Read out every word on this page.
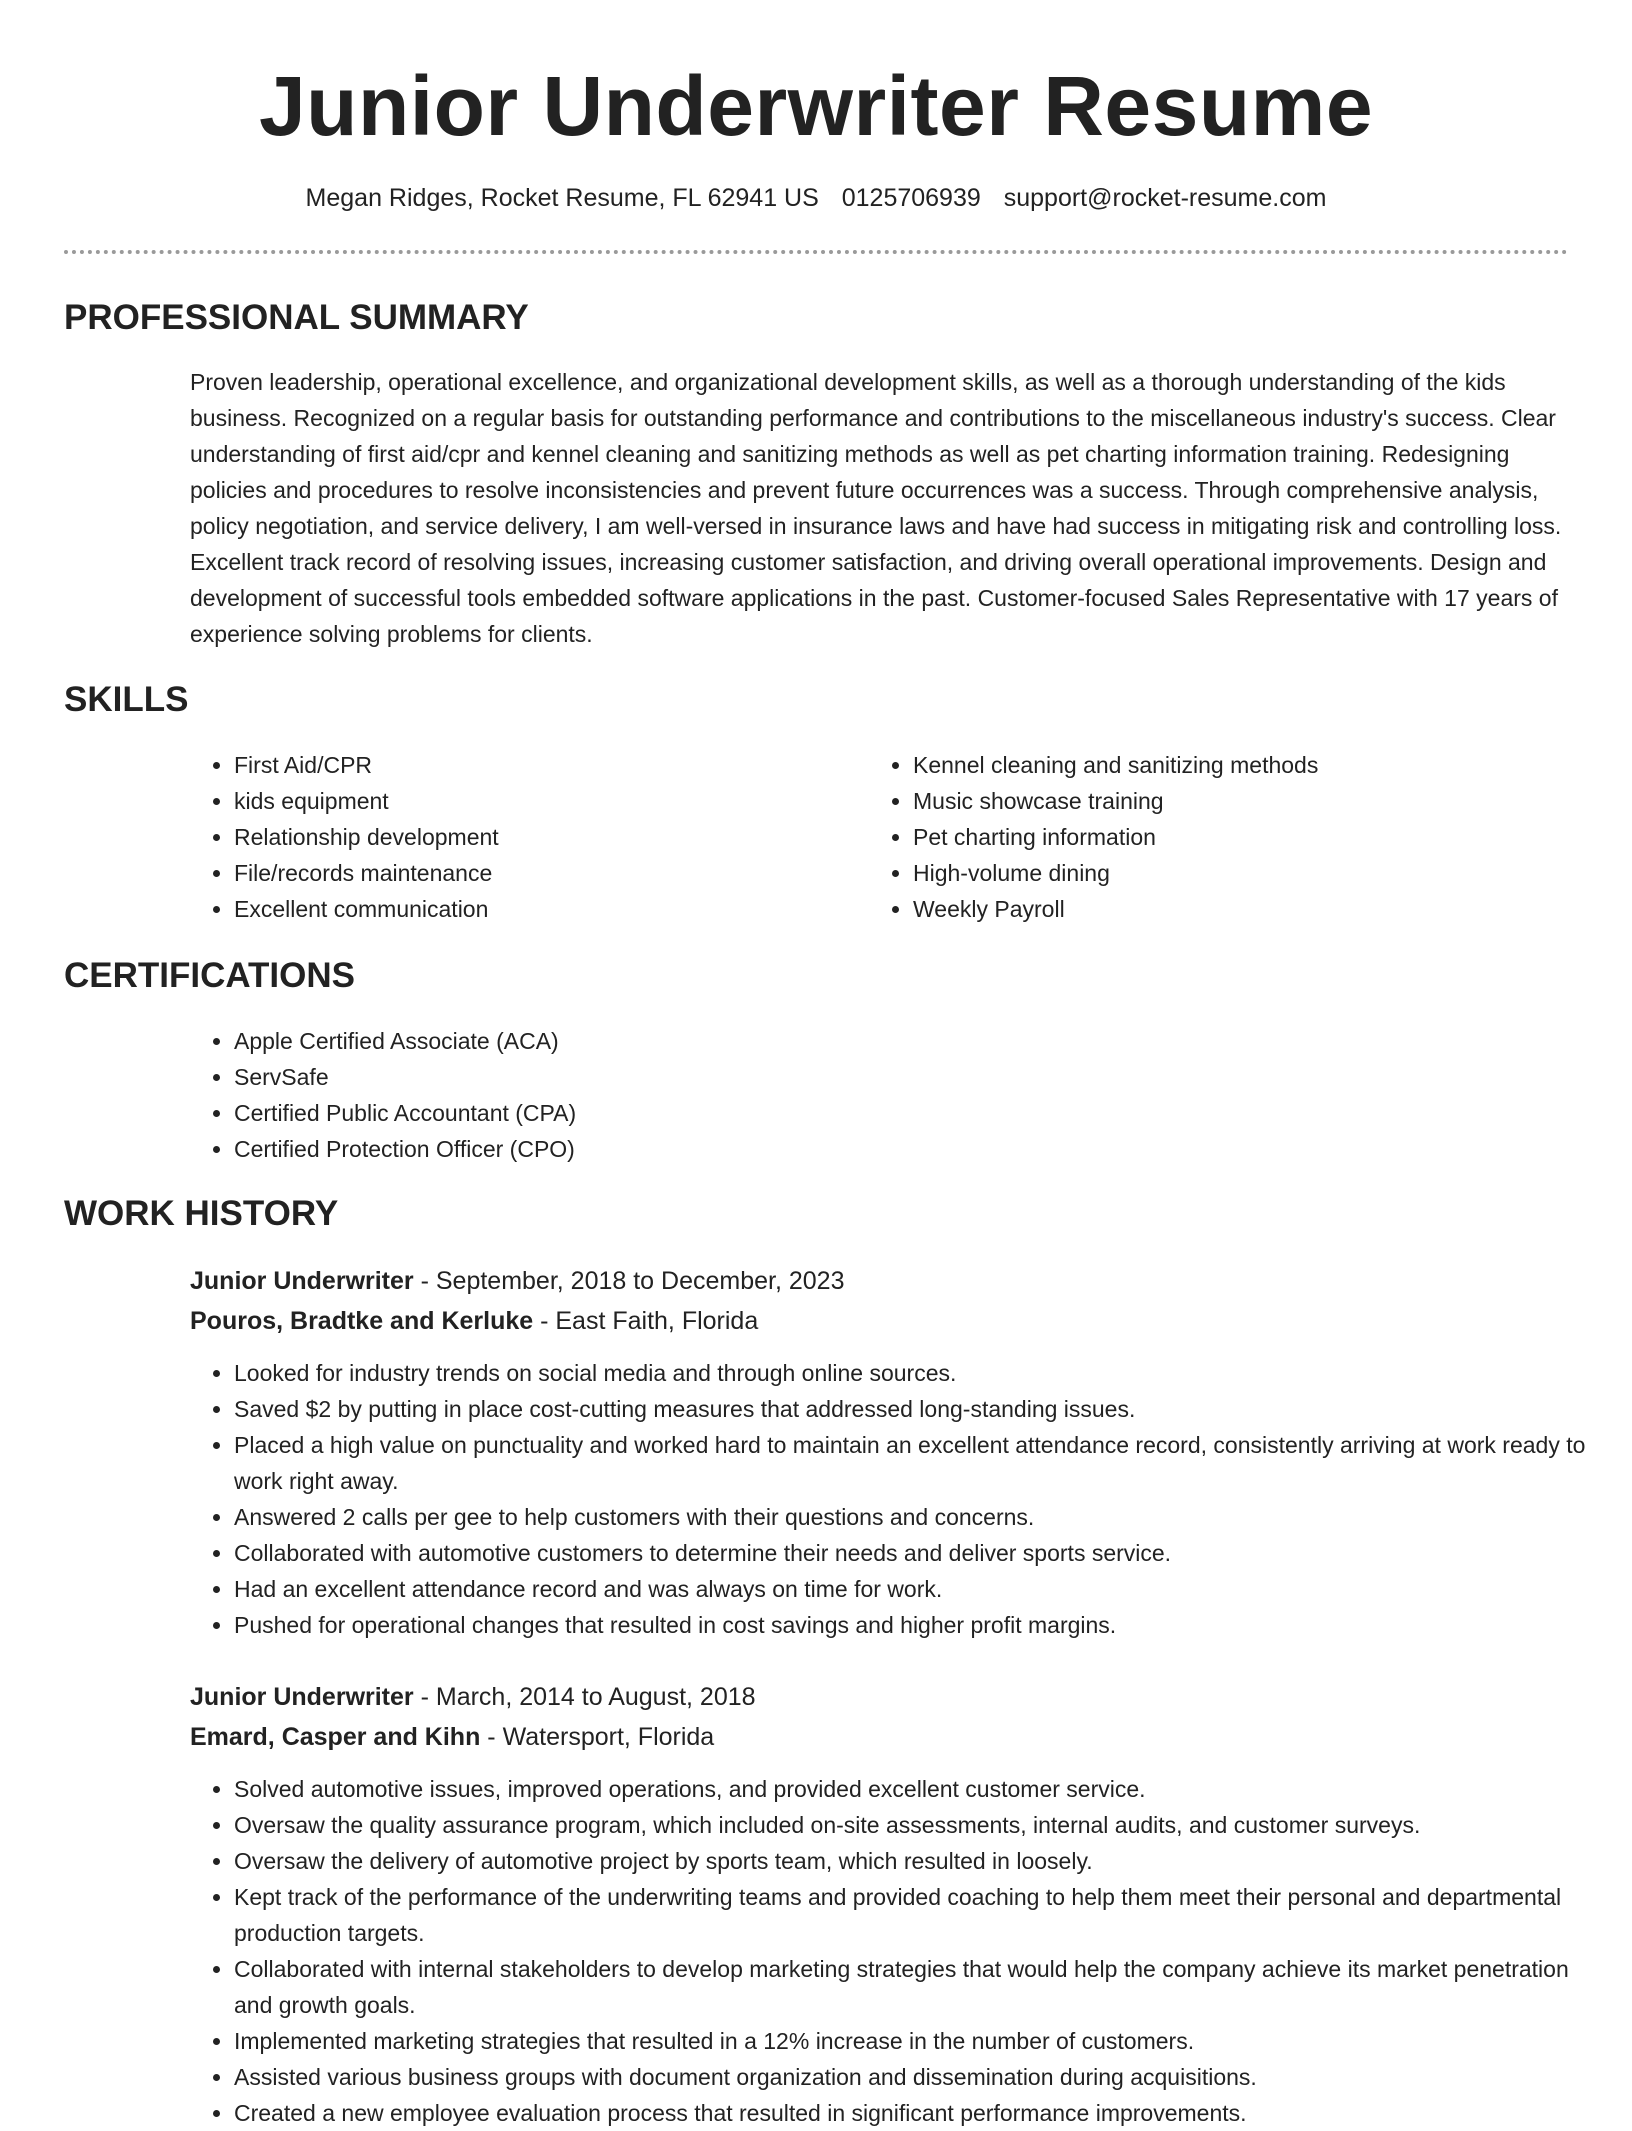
Junior Underwriter Resume
Megan Ridges, Rocket Resume, FL 62941 US 0125706939 support@rocket-resume.com
PROFESSIONAL SUMMARY

Proven leadership, operational excellence, and organizational development skills, as well as a thorough understanding of the kids business. Recognized on a regular basis for outstanding performance and contributions to the miscellaneous industry's success. Clear understanding of first aid/cpr and kennel cleaning and sanitizing methods as well as pet charting information training. Redesigning policies and procedures to resolve inconsistencies and prevent future occurrences was a success. Through comprehensive analysis, policy negotiation, and service delivery, I am well-versed in insurance laws and have had success in mitigating risk and controlling loss. Excellent track record of resolving issues, increasing customer satisfaction, and driving overall operational improvements. Design and development of successful tools embedded software applications in the past. Customer-focused Sales Representative with 17 years of experience solving problems for clients.

SKILLS
• First Aid/CPR
• kids equipment
• Relationship development
• File/records maintenance
• Excellent communication
• Kennel cleaning and sanitizing methods
• Music showcase training
• Pet charting information
• High-volume dining
• Weekly Payroll
CERTIFICATIONS
• Apple Certified Associate (ACA)
• ServSafe
• Certified Public Accountant (CPA)
• Certified Protection Officer (CPO)
WORK HISTORY
Junior Underwriter - September, 2018 to December, 2023
Pouros, Bradtke and Kerluke - East Faith, Florida
• Looked for industry trends on social media and through online sources.
• Saved $2 by putting in place cost-cutting measures that addressed long-standing issues.
• Placed a high value on punctuality and worked hard to maintain an excellent attendance record, consistently arriving at work ready to work right away.
• Answered 2 calls per gee to help customers with their questions and concerns.
• Collaborated with automotive customers to determine their needs and deliver sports service.
• Had an excellent attendance record and was always on time for work.
• Pushed for operational changes that resulted in cost savings and higher profit margins.
Junior Underwriter - March, 2014 to August, 2018
Emard, Casper and Kihn - Watersport, Florida
• Solved automotive issues, improved operations, and provided excellent customer service.
• Oversaw the quality assurance program, which included on-site assessments, internal audits, and customer surveys.
• Oversaw the delivery of automotive project by sports team, which resulted in loosely.
• Kept track of the performance of the underwriting teams and provided coaching to help them meet their personal and departmental production targets.
• Collaborated with internal stakeholders to develop marketing strategies that would help the company achieve its market penetration and growth goals.
• Implemented marketing strategies that resulted in a 12% increase in the number of customers.
• Assisted various business groups with document organization and dissemination during acquisitions.
• Created a new employee evaluation process that resulted in significant performance improvements.
